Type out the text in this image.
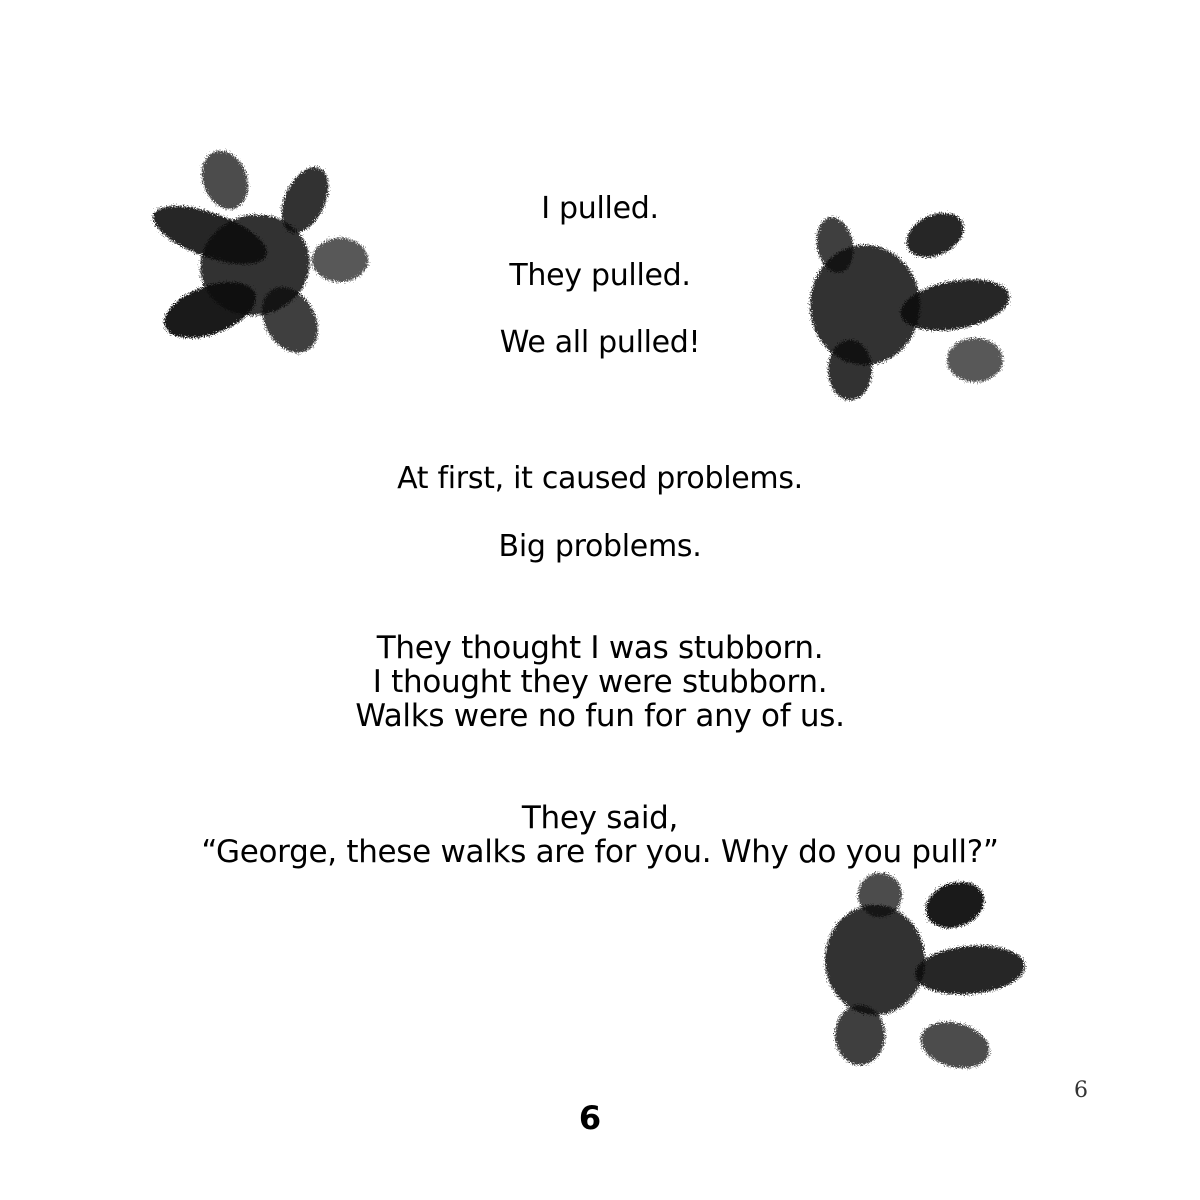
I pulled.
They pulled.
We all pulled!
At first, it caused problems.
Big problems.
They thought I was stubborn.
I thought they were stubborn.
Walks were no fun for any of us.
They said,
“George, these walks are for you. Why do you pull?”
6
6
